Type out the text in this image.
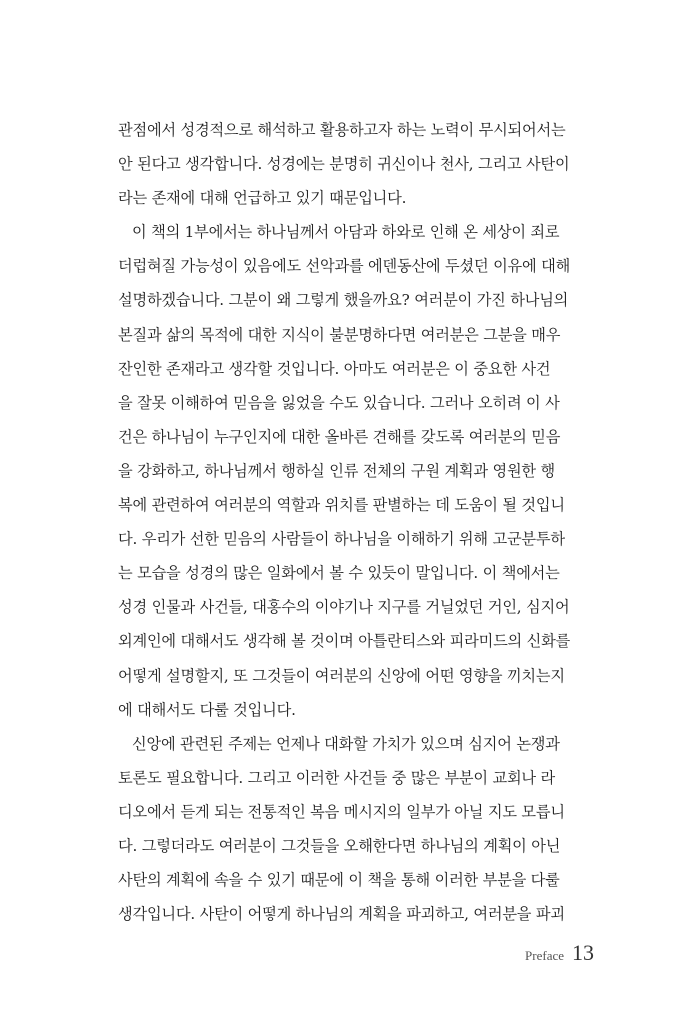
관점에서 성경적으로 해석하고 활용하고자 하는 노력이 무시되어서는
안 된다고 생각합니다. 성경에는 분명히 귀신이나 천사, 그리고 사탄이
라는 존재에 대해 언급하고 있기 때문입니다.
이 책의 1부에서는 하나님께서 아담과 하와로 인해 온 세상이 죄로
더럽혀질 가능성이 있음에도 선악과를 에덴동산에 두셨던 이유에 대해
설명하겠습니다. 그분이 왜 그렇게 했을까요? 여러분이 가진 하나님의
본질과 삶의 목적에 대한 지식이 불분명하다면 여러분은 그분을 매우
잔인한 존재라고 생각할 것입니다. 아마도 여러분은 이 중요한 사건
을 잘못 이해하여 믿음을 잃었을 수도 있습니다. 그러나 오히려 이 사
건은 하나님이 누구인지에 대한 올바른 견해를 갖도록 여러분의 믿음
을 강화하고, 하나님께서 행하실 인류 전체의 구원 계획과 영원한 행
복에 관련하여 여러분의 역할과 위치를 판별하는 데 도움이 될 것입니
다. 우리가 선한 믿음의 사람들이 하나님을 이해하기 위해 고군분투하
는 모습을 성경의 많은 일화에서 볼 수 있듯이 말입니다. 이 책에서는
성경 인물과 사건들, 대홍수의 이야기나 지구를 거닐었던 거인, 심지어
외계인에 대해서도 생각해 볼 것이며 아틀란티스와 피라미드의 신화를
어떻게 설명할지, 또 그것들이 여러분의 신앙에 어떤 영향을 끼치는지
에 대해서도 다룰 것입니다.
신앙에 관련된 주제는 언제나 대화할 가치가 있으며 심지어 논쟁과
토론도 필요합니다. 그리고 이러한 사건들 중 많은 부분이 교회나 라
디오에서 듣게 되는 전통적인 복음 메시지의 일부가 아닐 지도 모릅니
다. 그렇더라도 여러분이 그것들을 오해한다면 하나님의 계획이 아닌
사탄의 계획에 속을 수 있기 때문에 이 책을 통해 이러한 부분을 다룰
생각입니다. 사탄이 어떻게 하나님의 계획을 파괴하고, 여러분을 파괴
Preface 13
